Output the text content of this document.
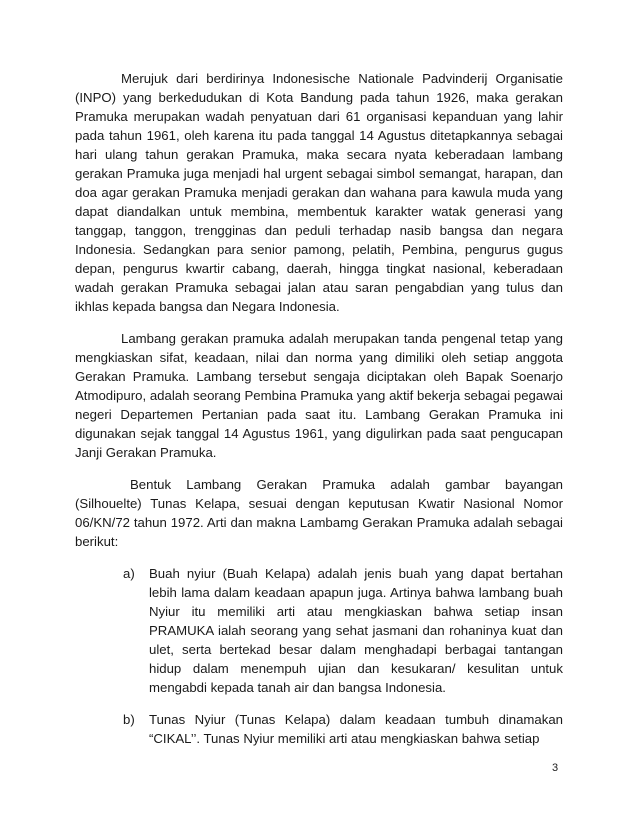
Merujuk dari berdirinya Indonesische Nationale Padvinderij Organisatie (INPO) yang berkedudukan di Kota Bandung pada tahun 1926, maka gerakan Pramuka merupakan wadah penyatuan dari 61 organisasi kepanduan yang lahir pada tahun 1961, oleh karena itu pada tanggal 14 Agustus ditetapkannya sebagai hari ulang tahun gerakan Pramuka, maka secara nyata keberadaan lambang gerakan Pramuka juga menjadi hal urgent sebagai simbol semangat, harapan, dan doa agar gerakan Pramuka menjadi gerakan dan wahana para kawula muda yang dapat diandalkan untuk membina, membentuk karakter watak generasi yang tanggap, tanggon, trengginas dan peduli terhadap nasib bangsa dan negara Indonesia. Sedangkan para senior pamong, pelatih, Pembina, pengurus gugus depan, pengurus kwartir cabang, daerah, hingga tingkat nasional, keberadaan wadah gerakan Pramuka sebagai jalan atau saran pengabdian yang tulus dan ikhlas kepada bangsa dan Negara Indonesia.

Lambang gerakan pramuka adalah merupakan tanda pengenal tetap yang mengkiaskan sifat, keadaan, nilai dan norma yang dimiliki oleh setiap anggota Gerakan Pramuka. Lambang tersebut sengaja diciptakan oleh Bapak Soenarjo Atmodipuro, adalah seorang Pembina Pramuka yang aktif bekerja sebagai pegawai negeri Departemen Pertanian pada saat itu. Lambang Gerakan Pramuka ini digunakan sejak tanggal 14 Agustus 1961, yang digulirkan pada saat pengucapan Janji Gerakan Pramuka.

Bentuk Lambang Gerakan Pramuka adalah gambar bayangan (Silhouelte) Tunas Kelapa, sesuai dengan keputusan Kwatir Nasional Nomor 06/KN/72 tahun 1972. Arti dan makna Lambamg Gerakan Pramuka adalah sebagai berikut:

a) Buah nyiur (Buah Kelapa) adalah jenis buah yang dapat bertahan lebih lama dalam keadaan apapun juga. Artinya bahwa lambang buah Nyiur itu memiliki arti atau mengkiaskan bahwa setiap insan PRAMUKA ialah seorang yang sehat jasmani dan rohaninya kuat dan ulet, serta bertekad besar dalam menghadapi berbagai tantangan hidup dalam menempuh ujian dan kesukaran/ kesulitan untuk mengabdi kepada tanah air dan bangsa Indonesia.
b) Tunas Nyiur (Tunas Kelapa) dalam keadaan tumbuh dinamakan “CIKAL’’. Tunas Nyiur memiliki arti atau mengkiaskan bahwa setiap
3
